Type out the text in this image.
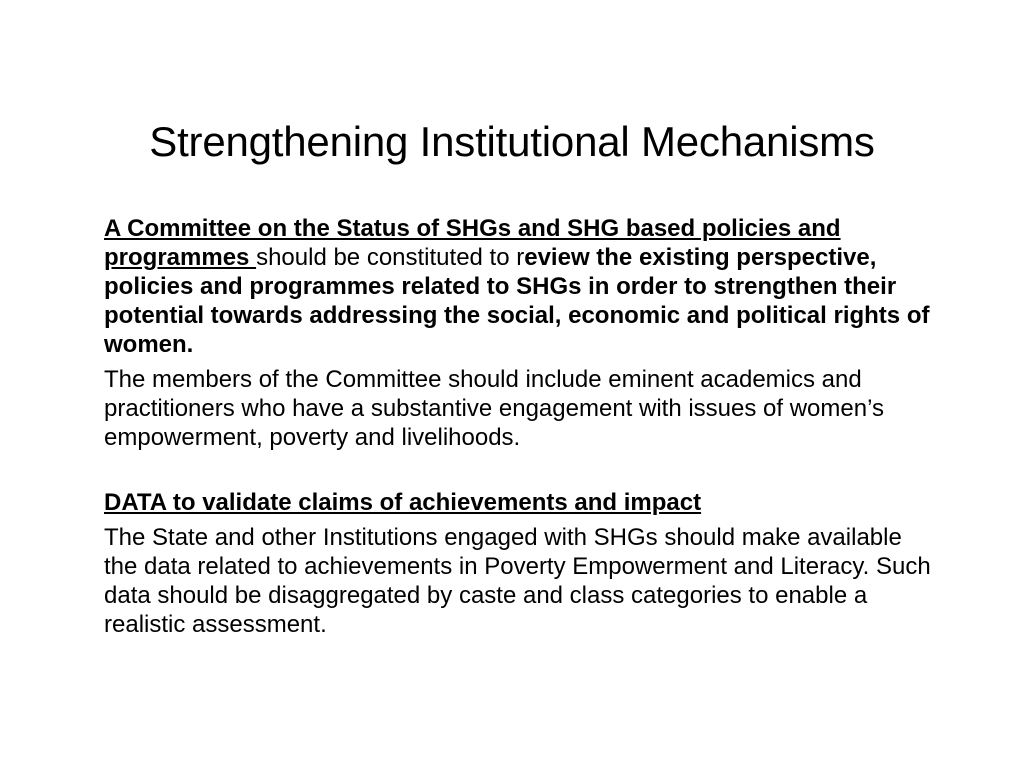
Strengthening Institutional Mechanisms

A Committee on the Status of SHGs and SHG based policies and programmes should be constituted to review the existing perspective, policies and programmes related to SHGs in order to strengthen their potential towards addressing the social, economic and political rights of women.

The members of the Committee should include eminent academics and practitioners who have a substantive engagement with issues of women’s empowerment, poverty and livelihoods.

DATA to validate claims of achievements and impact

The State and other Institutions engaged with SHGs should make available the data related to achievements in Poverty Empowerment and Literacy. Such data should be disaggregated by caste and class categories to enable a realistic assessment.
